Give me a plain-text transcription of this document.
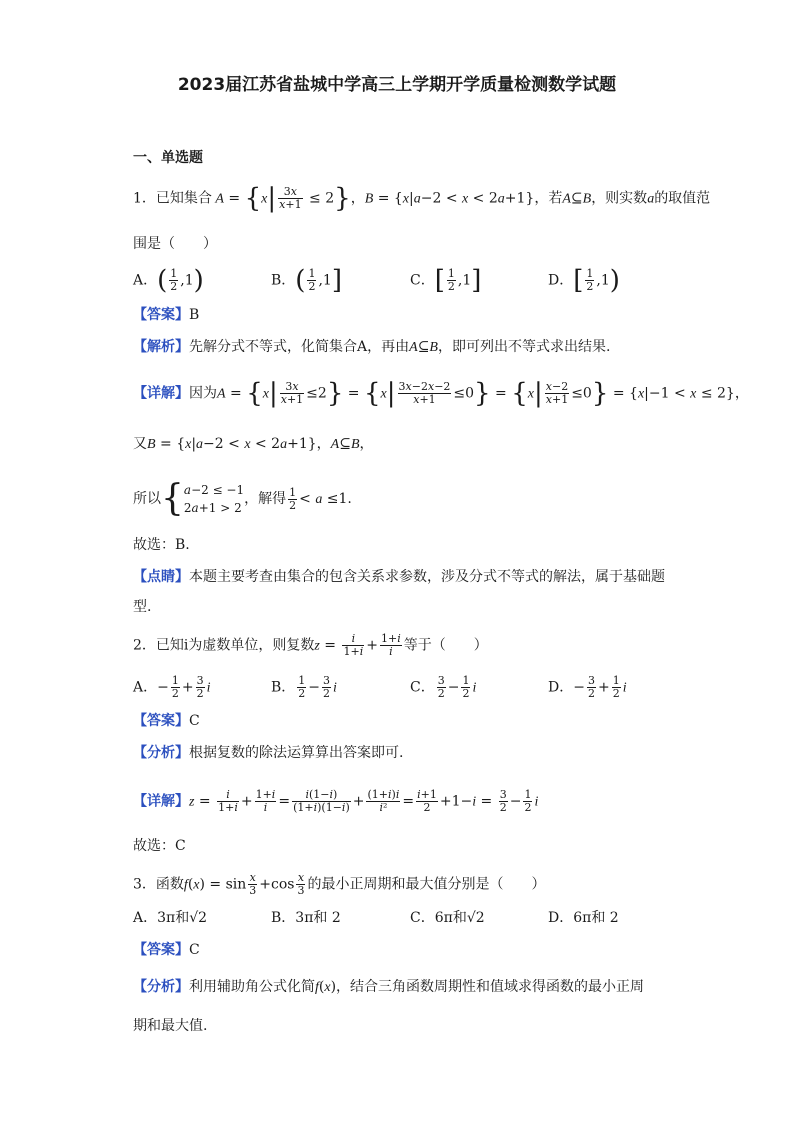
2023届江苏省盐城中学高三上学期开学质量检测数学试题
一、单选题
1．已知集合 $A = \{x| \frac{3x}{x+1} \le 2\}$，B = {x|a−2 < x < 2a+1}，若A⊆B，则实数a的取值范
围是（　　）
A．( $\frac{1}{2} ,1$)	B．( $\frac{1}{2} ,1$]	C．[ $\frac{1}{2} ,1$]	D．[ $\frac{1}{2} ,1$)
【答案】B
【解析】先解分式不等式，化简集合A，再由A⊆B，即可列出不等式求出结果.
【详解】因为$A = \{x| \frac{3x}{x+1} \le 2\} = \{x| \frac{3x-2x-2}{x+1} \le 0\} = \{x| \frac{x-2}{x+1} \le 0\} = \{x|-1 < x \le 2\}$，
又B = {x|a−2 < x < 2a+1}，A⊆B，
所以{a−2 ≤ −1
2a+1 > 2，解得 $\frac{1}{2} < a \le 1$.
故选：B.
【点睛】本题主要考查由集合的包含关系求参数，涉及分式不等式的解法，属于基础题
型.
2．已知i为虚数单位，则复数$z = \frac{i}{1+i} + \frac{1+i}{i}$ 等于（　　）
A．− $\frac{1}{2} + \frac{3}{2}$ i	B． $\frac{1}{2} - \frac{3}{2}$ i	C． $\frac{3}{2} - \frac{1}{2}$ i	D．− $\frac{3}{2} + \frac{1}{2}$ i
【答案】C
【分析】根据复数的除法运算算出答案即可.
【详解】$z = \frac{i}{1+i} + \frac{1+i}{i} = \frac{i(1-i)}{(1+i)(1-i)} + \frac{(1+i)i}{\text{i²}} = \frac{i+1}{2} +1-i = \frac{3}{2} - \frac{1}{2}$ i
故选：C
3．函数$f(x) = \sin \frac{x}{3} +\cos \frac{x}{3}$ 的最小正周期和最大值分别是（　　）
A．3π和√2	B．3π和 2	C．6π和√2	D．6π和 2
【答案】C
【分析】利用辅助角公式化简f(x)，结合三角函数周期性和值域求得函数的最小正周
期和最大值.
